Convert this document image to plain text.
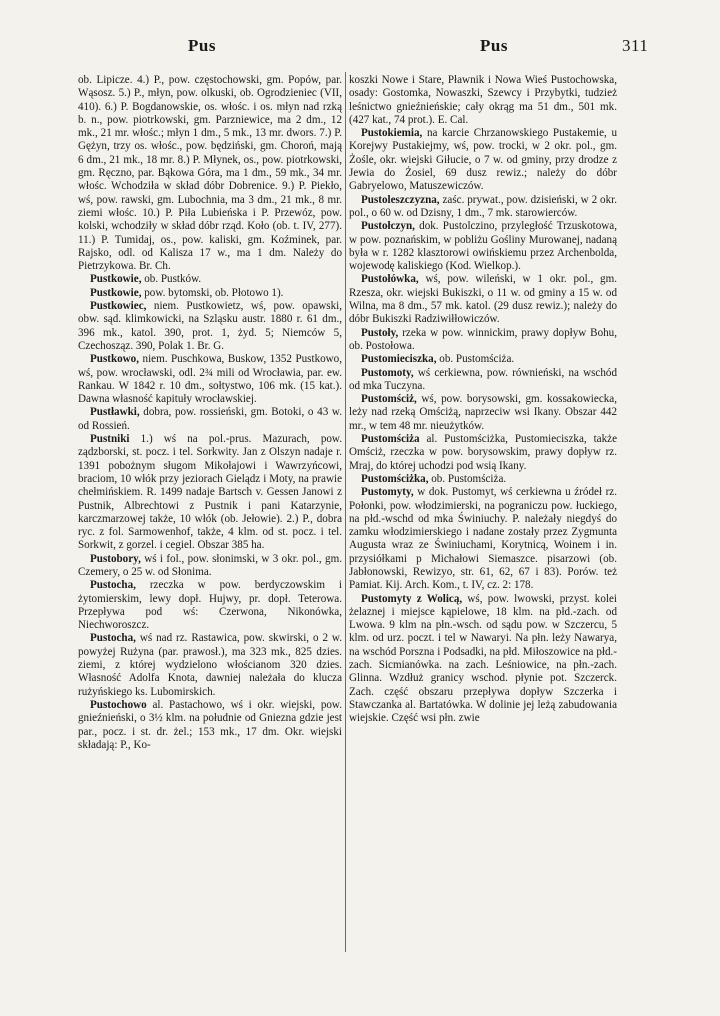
Pus	Pus	311

ob. Lipicze. 4.) P., pow. częstochowski, gm. Popów, par. Wąsosz. 5.) P., młyn, pow. olkuski, ob. Ogrodzieniec (VII, 410). 6.) P. Bogdanowskie, os. włośc. i os. młyn nad rzką b. n., pow. piotrkowski, gm. Parzniewice, ma 2 dm., 12 mk., 21 mr. włośc.; młyn 1 dm., 5 mk., 13 mr. dwors. 7.) P. Gężyn, trzy os. włośc., pow. będziński, gm. Choroń, mają 6 dm., 21 mk., 18 mr. 8.) P. Młynek, os., pow. piotrkowski, gm. Ręczno, par. Bąkowa Góra, ma 1 dm., 59 mk., 34 mr. włośc. Wchodziła w skład dóbr Dobrenice. 9.) P. Piekło, wś, pow. rawski, gm. Lubochnia, ma 3 dm., 21 mk., 8 mr. ziemi włośc. 10.) P. Piła Lubieńska i P. Przewóz, pow. kolski, wchodziły w skład dóbr rząd. Koło (ob. t. IV, 277). 11.) P. Tumidaj, os., pow. kaliski, gm. Koźminek, par. Rajsko, odl. od Kalisza 17 w., ma 1 dm. Należy do Pietrzykowa. Br. Ch.

Pustkowie, ob. Pustków.

Pustkowie, pow. bytomski, ob. Płotowo 1).

Pustkowiec, niem. Pustkowietz, wś, pow. opawski, obw. sąd. klimkowicki, na Szląsku austr. 1880 r. 61 dm., 396 mk., katol. 390, prot. 1, żyd. 5; Niemców 5, Czechosząz. 390, Polak 1. Br. G.

Pustkowo, niem. Puschkowa, Buskow, 1352 Pustkowo, wś, pow. wrocławski, odl. 2¾ mili od Wrocławia, par. ew. Rankau. W 1842 r. 10 dm., sołtystwo, 106 mk. (15 kat.). Dawna własność kapituły wrocławskiej.

Pustławki, dobra, pow. rossieński, gm. Botoki, o 43 w. od Rossień.

Pustniki 1.) wś na pol.-prus. Mazurach, pow. ządzborski, st. pocz. i tel. Sorkwity. Jan z Olszyn nadaje r. 1391 pobożnym sługom Mikołajowi i Wawrzyńcowi, braciom, 10 włók przy jeziorach Gielądz i Moty, na prawie chełmińskiem. R. 1499 nadaje Bartsch v. Gessen Janowi z Pustnik, Albrechtowi z Pustnik i pani Katarzynie, karczmarzowej także, 10 włók (ob. Jełowie). 2.) P., dobra ryc. z fol. Sarmowenhof, także, 4 klm. od st. pocz. i tel. Sorkwit, z gorzel. i cegiel. Obszar 385 ha.

Pustobory, wś i fol., pow. słonimski, w 3 okr. pol., gm. Czemery, o 25 w. od Słonima.

Pustocha, rzeczka w pow. berdyczowskim i żytomierskim, lewy dopł. Hujwy, pr. dopł. Teterowa. Przepływa pod wś: Czerwona, Nikonówka, Niechworoszcz.

Pustocha, wś nad rz. Rastawica, pow. skwirski, o 2 w. powyżej Rużyna (par. prawosł.), ma 323 mk., 825 dzies. ziemi, z której wydzielono włościanom 320 dzies. Własność Adolfa Knota, dawniej należała do klucza rużyńskiego ks. Lubomirskich.

Pustochowo al. Pastachowo, wś i okr. wiejski, pow. gnieźnieński, o 3½ klm. na południe od Gniezna gdzie jest par., pocz. i st. dr. żel.; 153 mk., 17 dm. Okr. wiejski składają: P., Ko-

koszki Nowe i Stare, Pławnik i Nowa Wieś Pustochowska, osady: Gostomka, Nowaszki, Szewcy i Przybytki, tudzież leśnictwo gnieźnieńskie; cały okrąg ma 51 dm., 501 mk. (427 kat., 74 prot.). E. Cal.

Pustokiemia, na karcie Chrzanowskiego Pustakemie, u Korejwy Pustakiejmy, wś, pow. trocki, w 2 okr. pol., gm. Żośle, okr. wiejski Giłucie, o 7 w. od gminy, przy drodze z Jewia do Żosiel, 69 dusz rewiz.; należy do dóbr Gabryelowo, Matuszewiczów.

Pustoleszczyzna, zaśc. prywat., pow. dzisieński, w 2 okr. pol., o 60 w. od Dzisny, 1 dm., 7 mk. starowierców.

Pustołczyn, dok. Pustolczino, przyległość Trzuskotowa, w pow. poznańskim, w pobliżu Gośliny Murowanej, nadaną była w r. 1282 klasztorowi owińskiemu przez Archenbolda, wojewodę kaliskiego (Kod. Wielkop.).

Pustołówka, wś, pow. wileński, w 1 okr. pol., gm. Rzesza, okr. wiejski Bukiszki, o 11 w. od gminy a 15 w. od Wilna, ma 8 dm., 57 mk. katol. (29 dusz rewiz.); należy do dóbr Bukiszki Radziwiłłowiczów.

Pustoły, rzeka w pow. winnickim, prawy dopływ Bohu, ob. Postołowa.

Pustomieciszka, ob. Pustomściża.

Pustomoty, wś cerkiewna, pow. równieński, na wschód od mka Tuczyna.

Pustomściż, wś, pow. borysowski, gm. kossakowiecka, leży nad rzeką Omściżą, naprzeciw wsi Ikany. Obszar 442 mr., w tem 48 mr. nieużytków.

Pustomściża al. Pustomściżka, Pustomieciszka, także Omściż, rzeczka w pow. borysowskim, prawy dopływ rz. Mraj, do której uchodzi pod wsią Ikany.

Pustomściżka, ob. Pustomściża.

Pustomyty, w dok. Pustomyt, wś cerkiewna u źródeł rz. Połonki, pow. włodzimierski, na pograniczu pow. łuckiego, na płd.-wschd od mka Świniuchy. P. należały niegdyś do zamku włodzimierskiego i nadane zostały przez Zygmunta Augusta wraz ze Świniuchami, Korytnicą, Woinem i in. przysiółkami p Michałowi Siemaszce. pisarzowi (ob. Jabłonowski, Rewizyo, str. 61, 62, 67 i 83). Porów. też Pamiat. Kij. Arch. Kom., t. IV, cz. 2: 178.

Pustomyty z Wolicą, wś, pow. lwowski, przyst. kolei żelaznej i miejsce kąpielowe, 18 klm. na płd.-zach. od Lwowa. 9 klm na płn.-wsch. od sądu pow. w Szczercu, 5 klm. od urz. poczt. i tel w Nawaryi. Na płn. leży Nawarya, na wschód Porszna i Podsadki, na płd. Miłoszowice na płd.-zach. Sicmianówka. na zach. Leśniowice, na płn.-zach. Glinna. Wzdłuż granicy wschod. płynie pot. Szczerck. Zach. część obszaru przepływa dopływ Szczerka i Stawczanka al. Bartatówka. W dolinie jej leżą zabudowania wiejskie. Część wsi płn. zwie
